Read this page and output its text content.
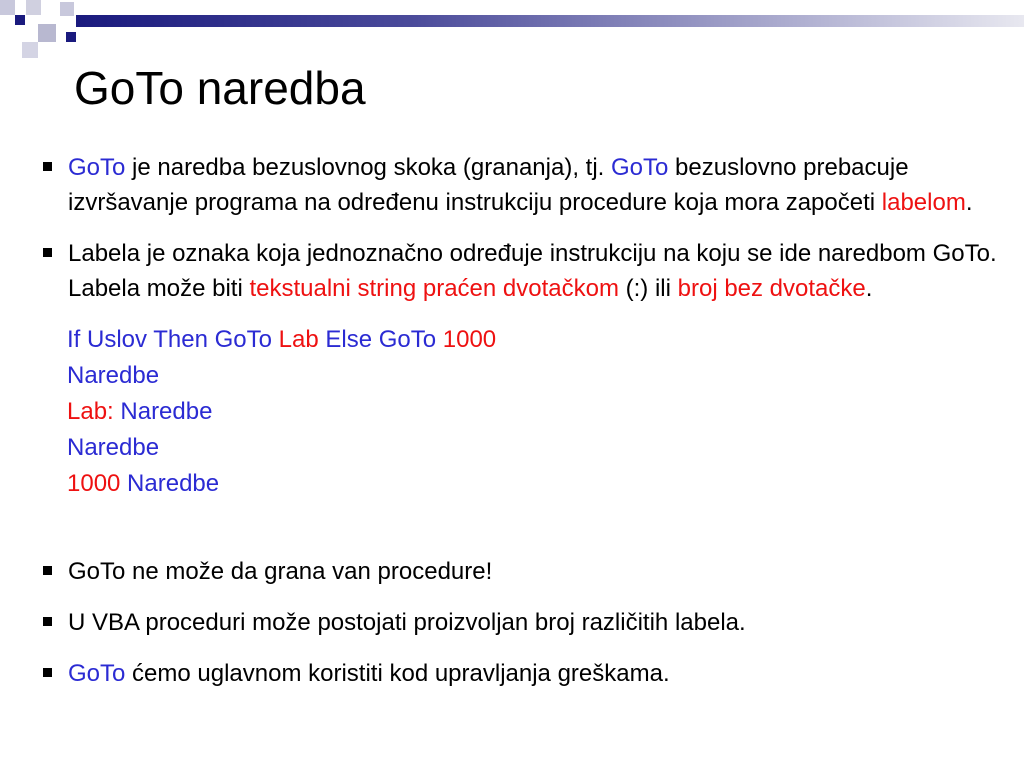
GoTo naredba
GoTo je naredba bezuslovnog skoka (grananja), tj. GoTo bezuslovno prebacuje izvršavanje programa na određenu instrukciju procedure koja mora započeti labelom.
Labela je oznaka koja jednoznačno određuje instrukciju na koju se ide naredbom GoTo. Labela može biti tekstualni string praćen dvotačkom (:) ili broj bez dvotačke.
If Uslov Then GoTo Lab Else GoTo 1000
Naredbe
Lab: Naredbe
Naredbe
1000 Naredbe
GoTo ne može da grana van procedure!
U VBA proceduri može postojati proizvoljan broj različitih labela.
GoTo ćemo uglavnom koristiti kod upravljanja greškama.
